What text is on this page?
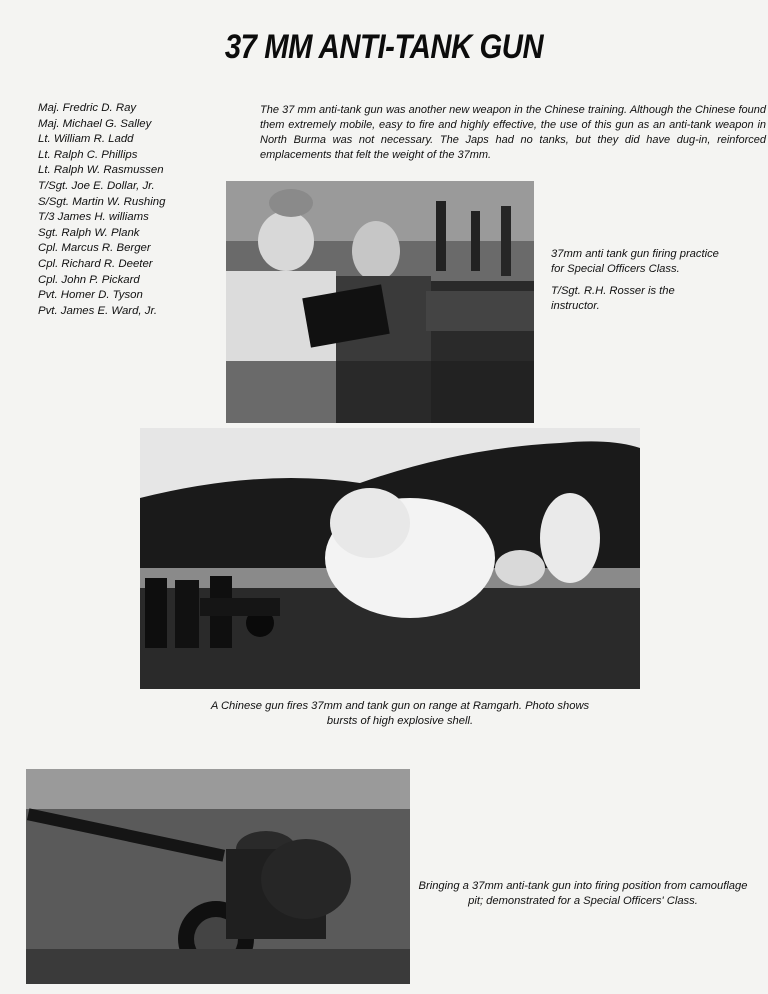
37 MM ANTI-TANK GUN
Maj. Fredric D. Ray
Maj. Michael G. Salley
Lt. William R. Ladd
Lt. Ralph C. Phillips
Lt. Ralph W. Rasmussen
T/Sgt. Joe E. Dollar, Jr.
S/Sgt. Martin W. Rushing
T/3 James H. williams
Sgt. Ralph W. Plank
Cpl. Marcus R. Berger
Cpl. Richard R. Deeter
Cpl. John P. Pickard
Pvt. Homer D. Tyson
Pvt. James E. Ward, Jr.
The 37 mm anti-tank gun was another new weapon in the Chinese training. Although the Chinese found them extremely mobile, easy to fire and highly effective, the use of this gun as an anti-tank weapon in North Burma was not necessary. The Japs had no tanks, but they did have dug-in, reinforced emplacements that felt the weight of the 37mm.

37mm anti tank gun firing practice for Special Officers Class.

T/Sgt. R.H. Rosser is the instructor.

A Chinese gun fires 37mm and tank gun on range at Ramgarh. Photo shows bursts of high explosive shell.
Bringing a 37mm anti-tank gun into firing position from camouflage pit; demonstrated for a Special Officers' Class.
